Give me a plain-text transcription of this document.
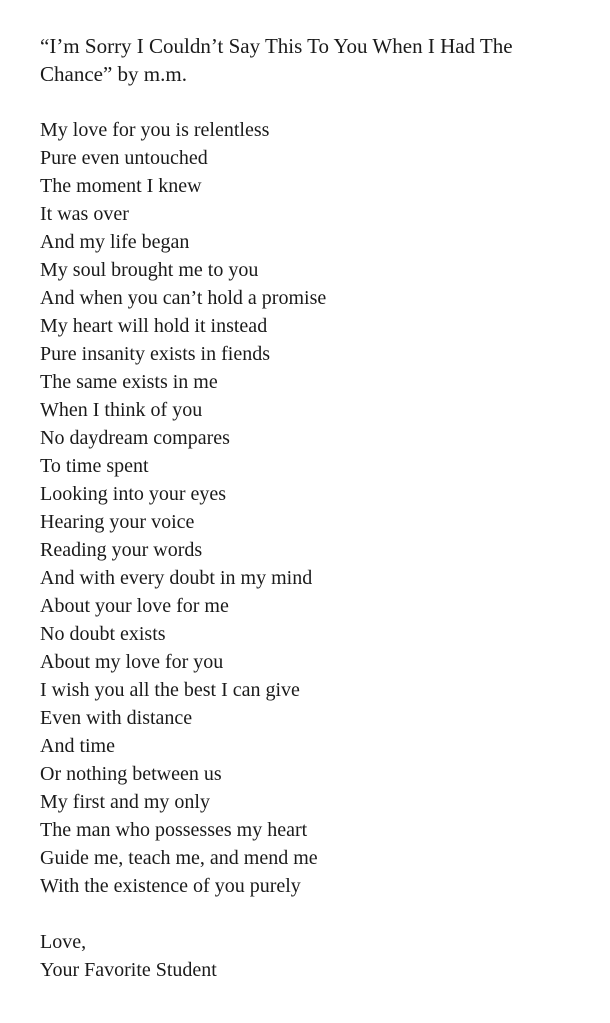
“I’m Sorry I Couldn’t Say This To You When I Had The Chance” by m.m.
My love for you is relentless
Pure even untouched
The moment I knew
It was over
And my life began
My soul brought me to you
And when you can’t hold a promise
My heart will hold it instead
Pure insanity exists in fiends
The same exists in me
When I think of you
No daydream compares
To time spent
Looking into your eyes
Hearing your voice
Reading your words
And with every doubt in my mind
About your love for me
No doubt exists
About my love for you
I wish you all the best I can give
Even with distance
And time
Or nothing between us
My first and my only
The man who possesses my heart
Guide me, teach me, and mend me
With the existence of you purely
Love,
Your Favorite Student
